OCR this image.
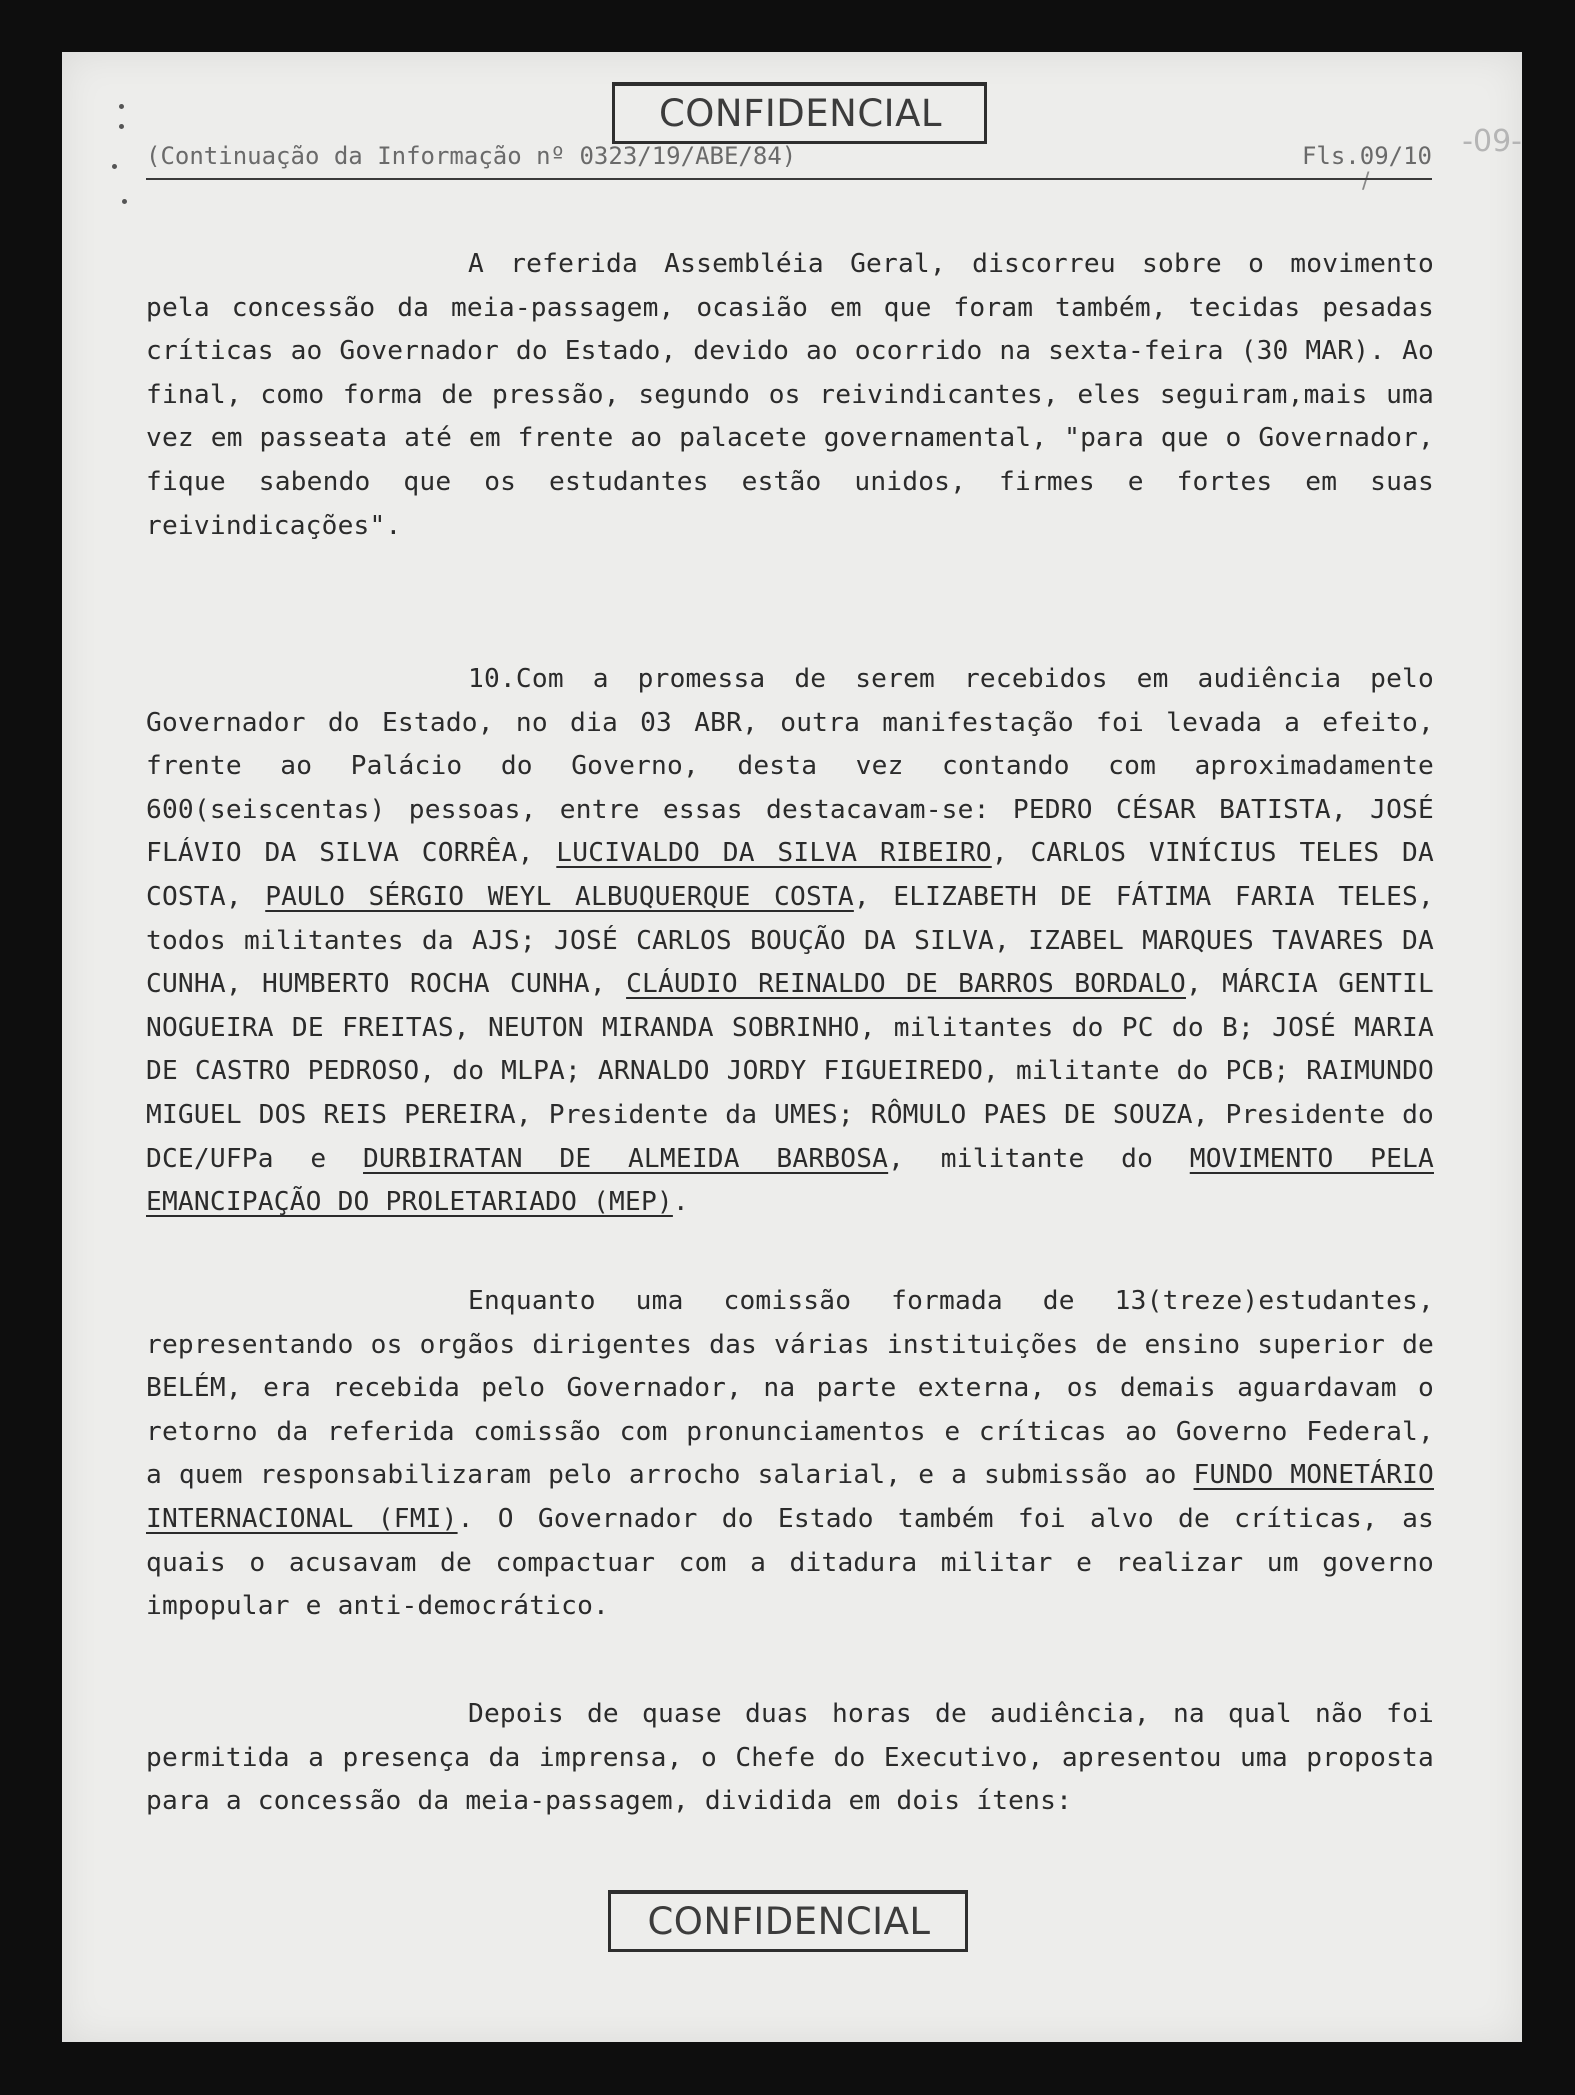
CONFIDENCIAL
-09-
/
(Continuação da Informação nº 0323/19/ABE/84)	Fls.09/10

A referida Assembléia Geral, discorreu sobre o movimento pela concessão da meia-passagem, ocasião em que foram também, tecidas pesadas críticas ao Governador do Estado, devido ao ocorrido na sexta-feira (30 MAR). Ao final, como forma de pressão, segundo os reivindicantes, eles seguiram,mais uma vez em passeata até em frente ao palacete governamental, "para que o Governador, fique sabendo que os estudantes estão unidos, firmes e fortes em suas reivindicações".

10.Com a promessa de serem recebidos em audiência pelo Governador do Estado, no dia 03 ABR, outra manifestação foi levada a efeito, frente ao Palácio do Governo, desta vez contando com aproximadamente 600(seiscentas) pessoas, entre essas destacavam-se: PEDRO CÉSAR BATISTA, JOSÉ FLÁVIO DA SILVA CORRÊA, LUCIVALDO DA SILVA RIBEIRO, CARLOS VINÍCIUS TELES DA COSTA, PAULO SÉRGIO WEYL ALBUQUERQUE COSTA, ELIZABETH DE FÁTIMA FARIA TELES, todos militantes da AJS; JOSÉ CARLOS BOUÇÃO DA SILVA, IZABEL MARQUES TAVARES DA CUNHA, HUMBERTO ROCHA CUNHA, CLÁUDIO REINALDO DE BARROS BORDALO, MÁRCIA GENTIL NOGUEIRA DE FREITAS, NEUTON MIRANDA SOBRINHO, militantes do PC do B; JOSÉ MARIA DE CASTRO PEDROSO, do MLPA; ARNALDO JORDY FIGUEIREDO, militante do PCB; RAIMUNDO MIGUEL DOS REIS PEREIRA, Presidente da UMES; RÔMULO PAES DE SOUZA, Presidente do DCE/UFPa e DURBIRATAN DE ALMEIDA BARBOSA, militante do MOVIMENTO PELA EMANCIPAÇÃO DO PROLETARIADO (MEP).

Enquanto uma comissão formada de 13(treze)estudantes, representando os orgãos dirigentes das várias instituições de ensino superior de BELÉM, era recebida pelo Governador, na parte externa, os demais aguardavam o retorno da referida comissão com pronunciamentos e críticas ao Governo Federal, a quem responsabilizaram pelo arrocho salarial, e a submissão ao FUNDO MONETÁRIO INTERNACIONAL (FMI). O Governador do Estado também foi alvo de críticas, as quais o acusavam de compactuar com a ditadura militar e realizar um governo impopular e anti-democrático.

Depois de quase duas horas de audiência, na qual não foi permitida a presença da imprensa, o Chefe do Executivo, apresentou uma proposta para a concessão da meia-passagem, dividida em dois ítens:

CONFIDENCIAL
